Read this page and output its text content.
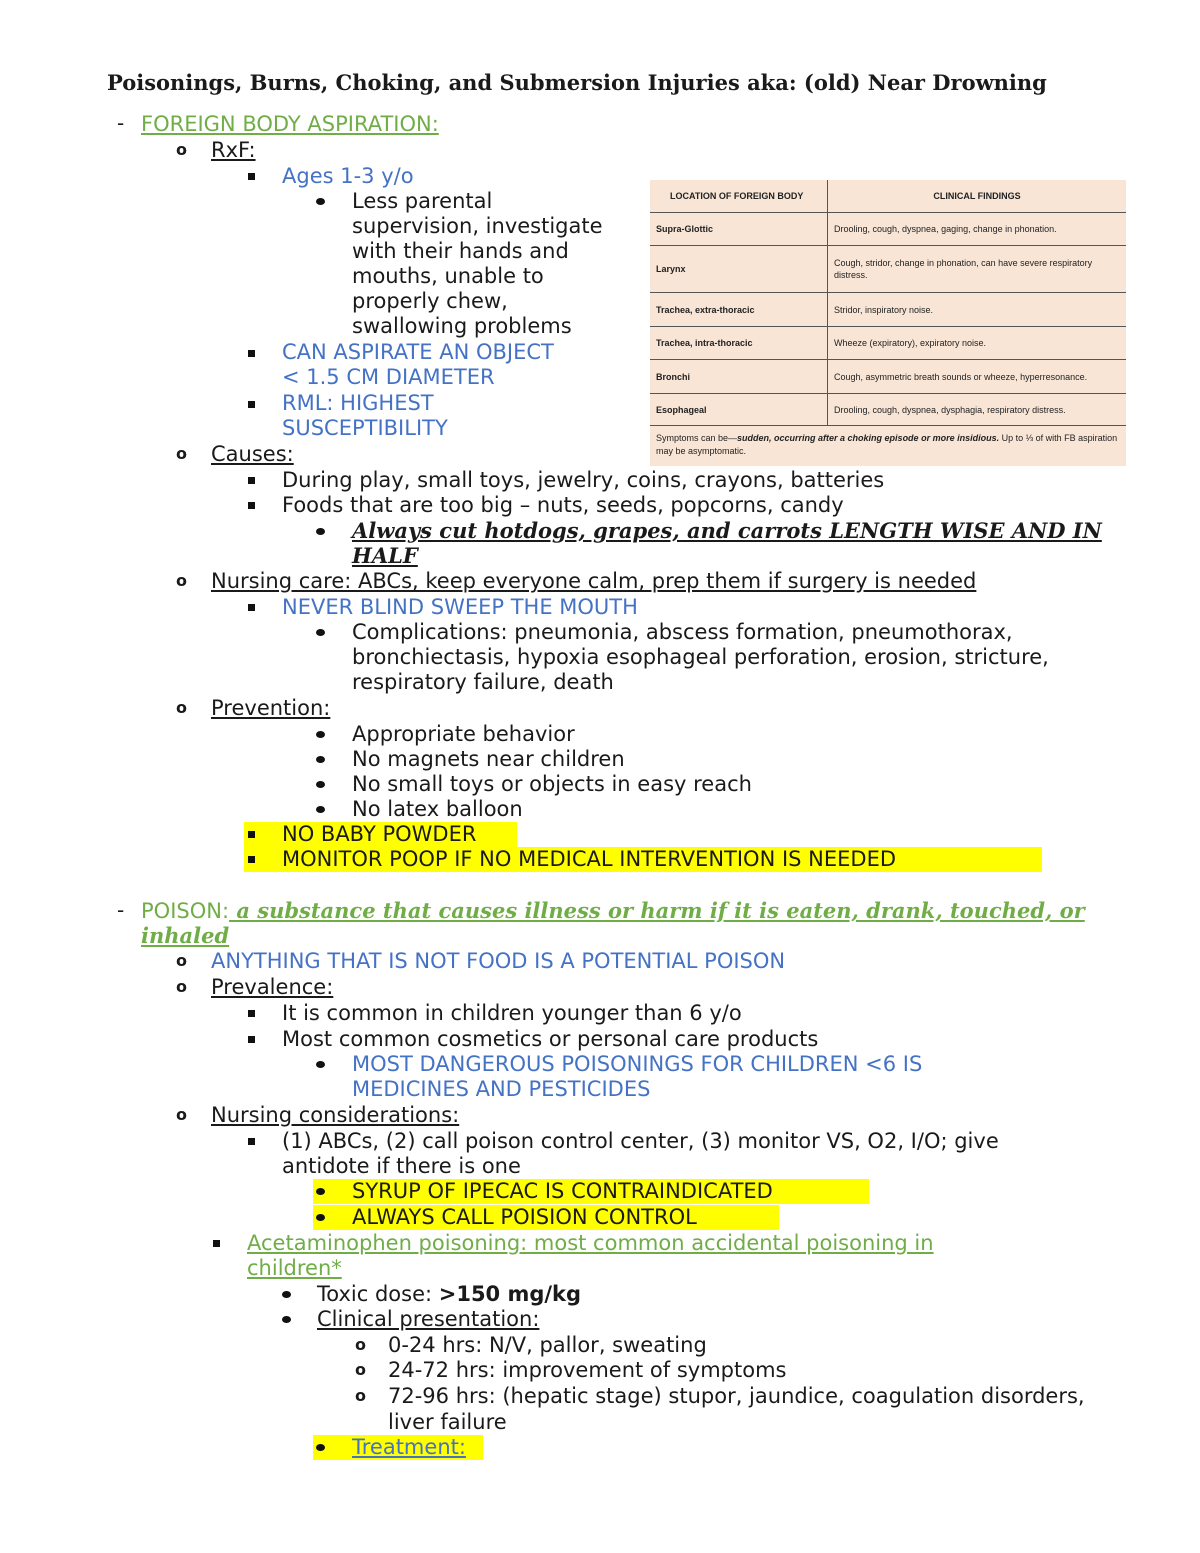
Poisonings, Burns, Choking, and Submersion Injuries aka: (old) Near Drowning
- FOREIGN BODY ASPIRATION:
o RxF:
Ages 1-3 y/o
Less parental
supervision, investigate
with their hands and
mouths, unable to
properly chew,
swallowing problems
CAN ASPIRATE AN OBJECT
< 1.5 CM DIAMETER
RML: HIGHEST
SUSCEPTIBILITY
o Causes:
During play, small toys, jewelry, coins, crayons, batteries
Foods that are too big – nuts, seeds, popcorns, candy
Always cut hotdogs, grapes, and carrots LENGTH WISE AND IN
HALF
o Nursing care: ABCs, keep everyone calm, prep them if surgery is needed
NEVER BLIND SWEEP THE MOUTH
Complications: pneumonia, abscess formation, pneumothorax,
bronchiectasis, hypoxia esophageal perforation, erosion, stricture,
respiratory failure, death
o Prevention:
Appropriate behavior
No magnets near children
No small toys or objects in easy reach
No latex balloon
NO BABY POWDER
MONITOR POOP IF NO MEDICAL INTERVENTION IS NEEDED
LOCATION OF FOREIGN BODY	CLINICAL FINDINGS
Supra-Glottic	Drooling, cough, dyspnea, gaging, change in phonation.
Larynx	Cough, stridor, change in phonation, can have severe respiratory distress.
Trachea, extra-thoracic	Stridor, inspiratory noise.
Trachea, intra-thoracic	Wheeze (expiratory), expiratory noise.
Bronchi	Cough, asymmetric breath sounds or wheeze, hyperresonance.
Esophageal	Drooling, cough, dyspnea, dysphagia, respiratory distress.
Symptoms can be—sudden, occurring after a choking episode or more insidious. Up to ⅓ of with FB aspiration may be asymptomatic.
- POISON: a substance that causes illness or harm if it is eaten, drank, touched, or
inhaled
o ANYTHING THAT IS NOT FOOD IS A POTENTIAL POISON
o Prevalence:
It is common in children younger than 6 y/o
Most common cosmetics or personal care products
MOST DANGEROUS POISONINGS FOR CHILDREN <6 IS
MEDICINES AND PESTICIDES
o Nursing considerations:
(1) ABCs, (2) call poison control center, (3) monitor VS, O2, I/O; give
antidote if there is one
SYRUP OF IPECAC IS CONTRAINDICATED
ALWAYS CALL POISION CONTROL
Acetaminophen poisoning: most common accidental poisoning in
children*
Toxic dose: >150 mg/kg
Clinical presentation:
o 0-24 hrs: N/V, pallor, sweating
o 24-72 hrs: improvement of symptoms
o 72-96 hrs: (hepatic stage) stupor, jaundice, coagulation disorders,
liver failure
Treatment:
